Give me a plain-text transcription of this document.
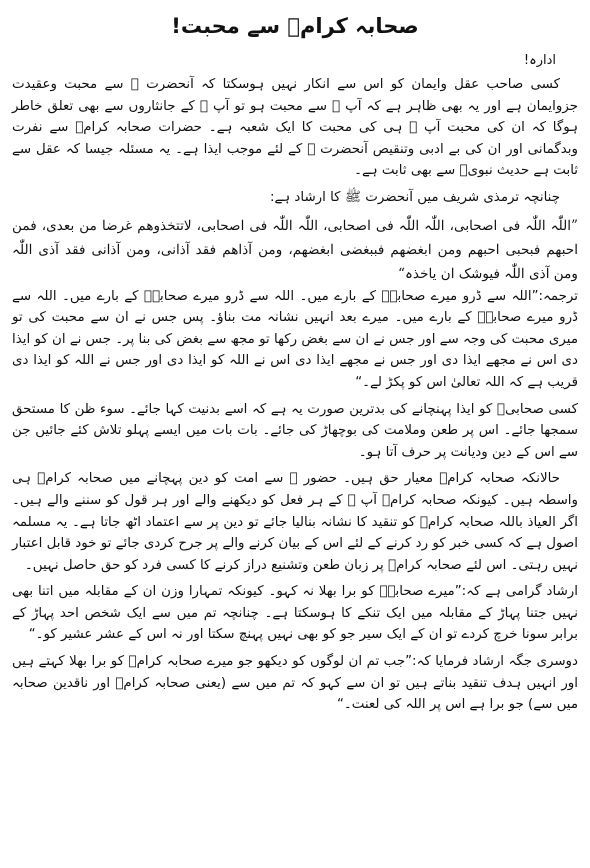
صحابہ کرامؓ سے محبت!
ادارہ!

کسی صاحب عقل وایمان کو اس سے انکار نہیں ہوسکتا کہ آنحضرت ﷺ سے محبت وعقیدت جزوایمان ہے اور یہ بھی ظاہر ہے کہ آپ ﷺ سے محبت ہو تو آپ ﷺ کے جانثاروں سے بھی تعلق خاطر ہوگا کہ ان کی محبت آپ ﷺ ہی کی محبت کا ایک شعبہ ہے۔ حضرات صحابہ کرامؓ سے نفرت وبدگمانی اور ان کی بے ادبی وتنقیص آنحضرت ﷺ کے لئے موجب ایذا ہے۔ یہ مسئلہ جیسا کہ عقل سے ثابت ہے حدیث نبویؐ سے بھی ثابت ہے۔

چنانچہ ترمذی شریف میں آنحضرت ﷺ کا ارشاد ہے:

”اللّٰہ اللّٰہ فی اصحابی، اللّٰہ اللّٰہ فی اصحابی، اللّٰہ اللّٰہ فی اصحابی، لاتتخذوھم غرضا من بعدی، فمن احبھم فبحبی احبھم ومن ابغضھم فببغضی ابغضھم، ومن آذاھم فقد آذانی، ومن آذانی فقد آذی اللّٰہ ومن آذی اللّٰہ فیوشک ان یاخذہ“

ترجمہ:”اللہ سے ڈرو میرے صحابہؓ کے بارے میں۔ اللہ سے ڈرو میرے صحابہؓ کے بارے میں۔ اللہ سے ڈرو میرے صحابہؓ کے بارے میں۔ میرے بعد انہیں نشانہ مت بناؤ۔ پس جس نے ان سے محبت کی تو میری محبت کی وجہ سے اور جس نے ان سے بغض رکھا تو مجھ سے بغض کی بنا پر۔ جس نے ان کو ایذا دی اس نے مجھے ایذا دی اور جس نے مجھے ایذا دی اس نے اللہ کو ایذا دی اور جس نے اللہ کو ایذا دی قریب ہے کہ اللہ تعالیٰ اس کو پکڑ لے۔“

کسی صحابیؓ کو ایذا پہنچانے کی بدترین صورت یہ ہے کہ اسے بدنیت کہا جائے۔ سوء ظن کا مستحق سمجھا جائے۔ اس پر طعن وملامت کی بوچھاڑ کی جائے۔ بات بات میں ایسے پہلو تلاش کئے جائیں جن سے اس کے دین ودیانت پر حرف آتا ہو۔

حالانکہ صحابہ کرامؓ معیار حق ہیں۔ حضور ﷺ سے امت کو دین پہچانے میں صحابہ کرامؓ ہی واسطہ ہیں۔ کیونکہ صحابہ کرامؓ آپ ﷺ کے ہر فعل کو دیکھنے والے اور ہر قول کو سننے والے ہیں۔ اگر العیاذ باللہ صحابہ کرامؓ کو تنقید کا نشانہ بنالیا جائے تو دین پر سے اعتماد اٹھ جاتا ہے۔ یہ مسلمہ اصول ہے کہ کسی خبر کو رد کرنے کے لئے اس کے بیان کرنے والے پر جرح کردی جائے تو خود قابل اعتبار نہیں رہتی۔ اس لئے صحابہ کرامؓ پر زبان طعن وتشنیع دراز کرنے کا کسی فرد کو حق حاصل نہیں۔

ارشاد گرامی ہے کہ:”میرے صحابہؓ کو برا بھلا نہ کہو۔ کیونکہ تمہارا وزن ان کے مقابلہ میں اتنا بھی نہیں جتنا پہاڑ کے مقابلہ میں ایک تنکے کا ہوسکتا ہے۔ چنانچہ تم میں سے ایک شخص احد پہاڑ کے برابر سونا خرچ کردے تو ان کے ایک سیر جو کو بھی نہیں پہنچ سکتا اور نہ اس کے عشر عشیر کو۔“

دوسری جگہ ارشاد فرمایا کہ:”جب تم ان لوگوں کو دیکھو جو میرے صحابہ کرامؓ کو برا بھلا کہتے ہیں اور انہیں ہدف تنقید بناتے ہیں تو ان سے کہو کہ تم میں سے (یعنی صحابہ کرامؓ اور ناقدین صحابہ میں سے) جو برا ہے اس پر اللہ کی لعنت۔“
